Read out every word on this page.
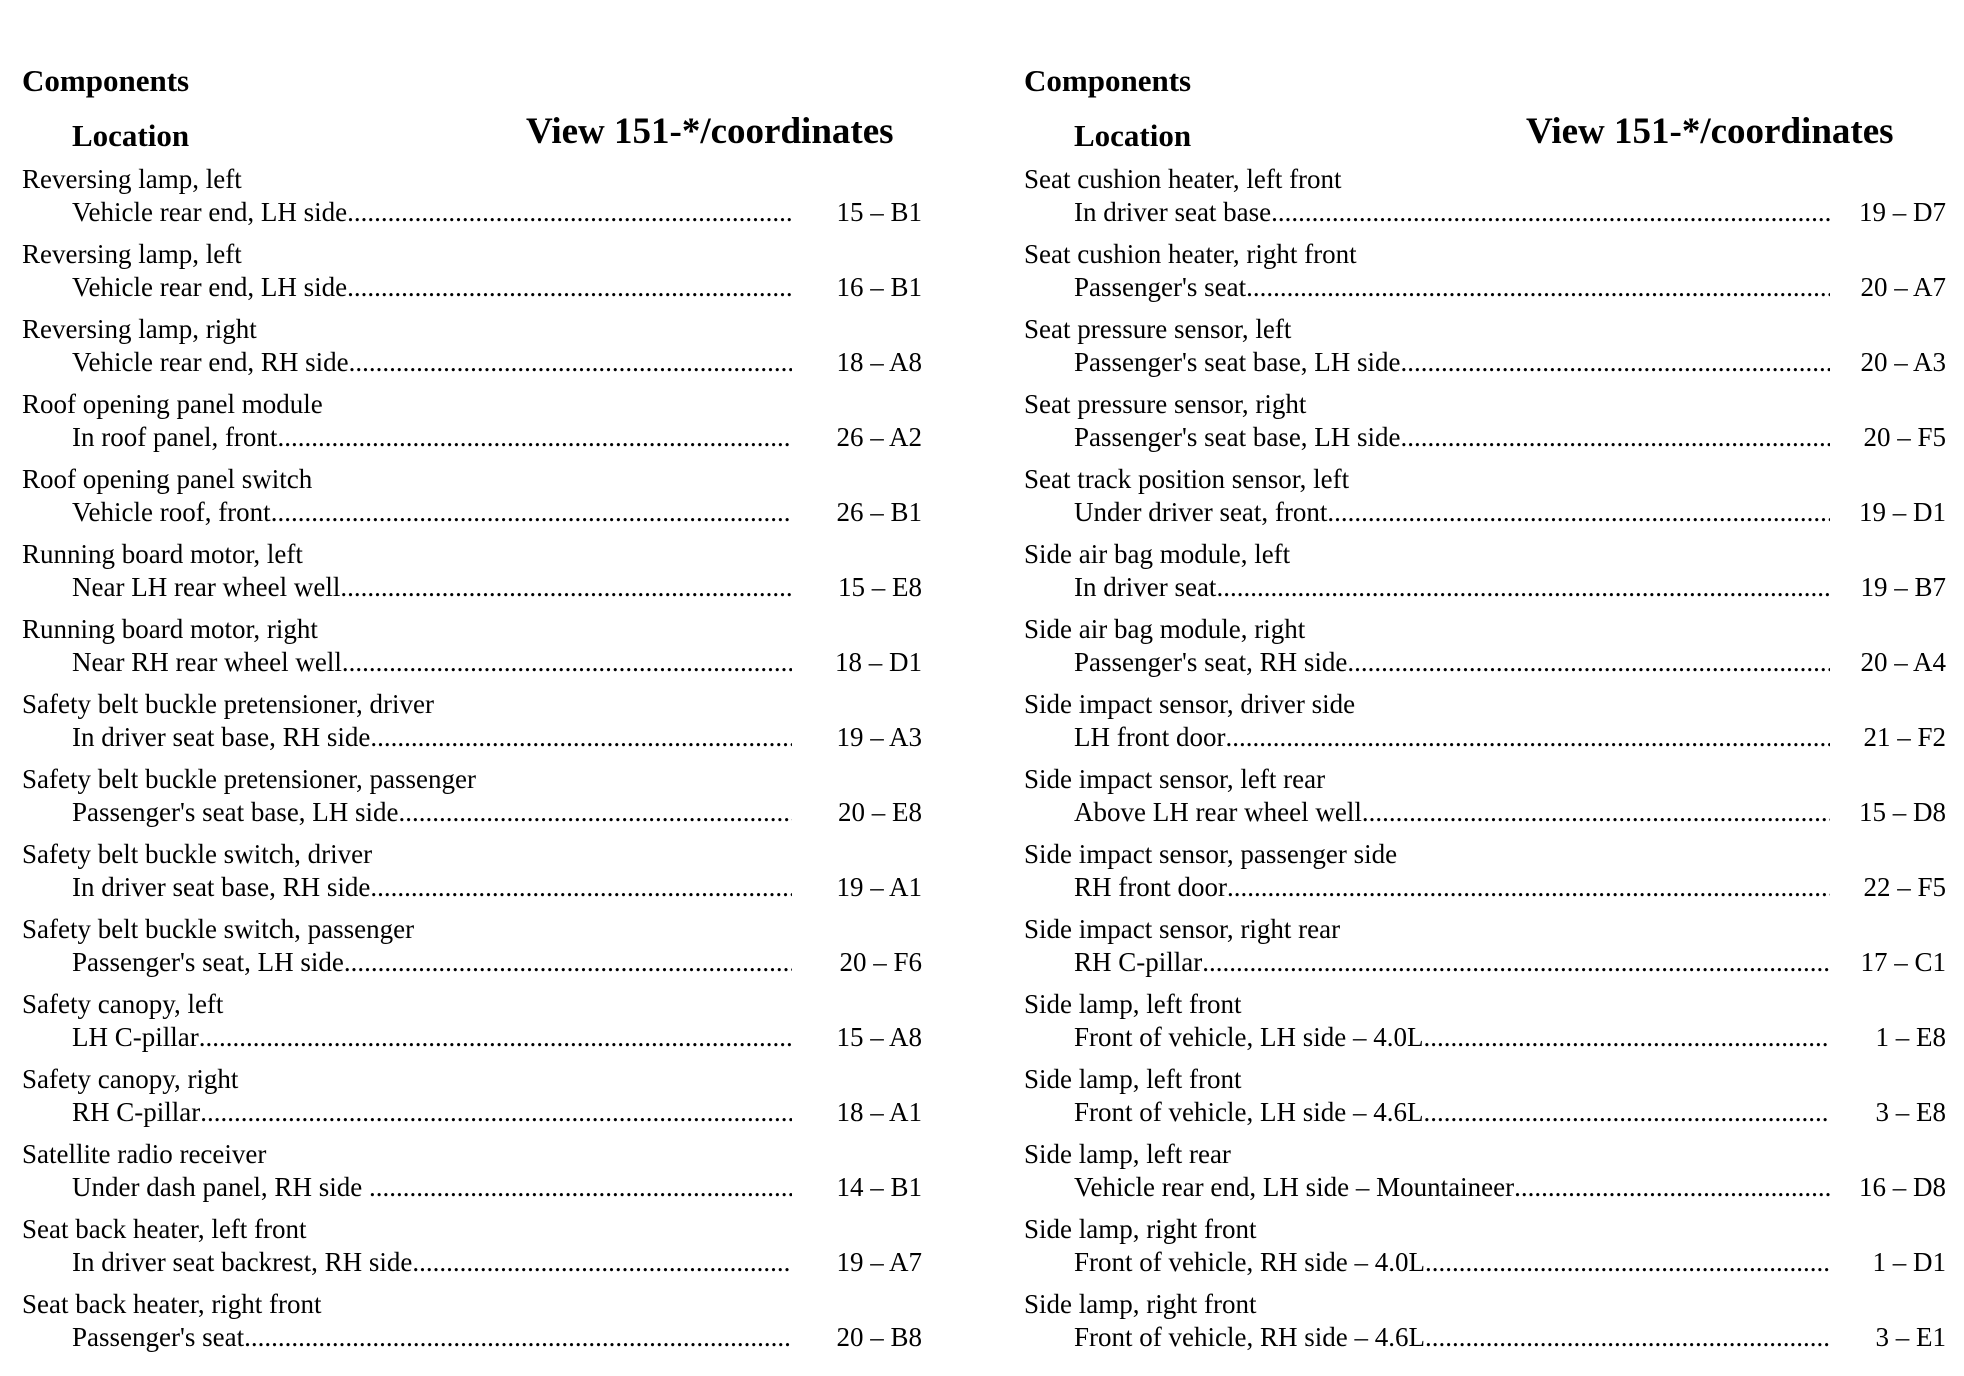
Components
Location	View 151-*/coordinates
Reversing lamp, left
Vehicle rear end, LH side .....	15 – B1
Reversing lamp, left
Vehicle rear end, LH side .....	16 – B1
Reversing lamp, right
Vehicle rear end, RH side .....	18 – A8
Roof opening panel module
In roof panel, front .....	26 – A2
Roof opening panel switch
Vehicle roof, front .....	26 – B1
Running board motor, left
Near LH rear wheel well .....	15 – E8
Running board motor, right
Near RH rear wheel well .....	18 – D1
Safety belt buckle pretensioner, driver
In driver seat base, RH side .....	19 – A3
Safety belt buckle pretensioner, passenger
Passenger's seat base, LH side .....	20 – E8
Safety belt buckle switch, driver
In driver seat base, RH side .....	19 – A1
Safety belt buckle switch, passenger
Passenger's seat, LH side .....	20 – F6
Safety canopy, left
LH C-pillar .....	15 – A8
Safety canopy, right
RH C-pillar .....	18 – A1
Satellite radio receiver
Under dash panel, RH side .....	14 – B1
Seat back heater, left front
In driver seat backrest, RH side .....	19 – A7
Seat back heater, right front
Passenger's seat .....	20 – B8
Components
Location	View 151-*/coordinates
Seat cushion heater, left front
In driver seat base .....	19 – D7
Seat cushion heater, right front
Passenger's seat .....	20 – A7
Seat pressure sensor, left
Passenger's seat base, LH side .....	20 – A3
Seat pressure sensor, right
Passenger's seat base, LH side .....	20 – F5
Seat track position sensor, left
Under driver seat, front .....	19 – D1
Side air bag module, left
In driver seat .....	19 – B7
Side air bag module, right
Passenger's seat, RH side .....	20 – A4
Side impact sensor, driver side
LH front door .....	21 – F2
Side impact sensor, left rear
Above LH rear wheel well .....	15 – D8
Side impact sensor, passenger side
RH front door .....	22 – F5
Side impact sensor, right rear
RH C-pillar .....	17 – C1
Side lamp, left front
Front of vehicle, LH side – 4.0L .....	1 – E8
Side lamp, left front
Front of vehicle, LH side – 4.6L .....	3 – E8
Side lamp, left rear
Vehicle rear end, LH side – Mountaineer .....	16 – D8
Side lamp, right front
Front of vehicle, RH side – 4.0L .....	1 – D1
Side lamp, right front
Front of vehicle, RH side – 4.6L .....	3 – E1
